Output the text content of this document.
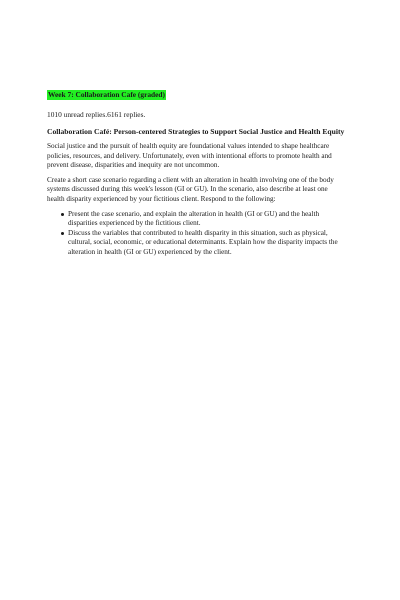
Week 7: Collaboration Cafe (graded)
1010 unread replies.6161 replies.
Collaboration Café: Person-centered Strategies to Support Social Justice and Health Equity
Social justice and the pursuit of health equity are foundational values intended to shape healthcare policies, resources, and delivery. Unfortunately, even with intentional efforts to promote health and prevent disease, disparities and inequity are not uncommon.
Create a short case scenario regarding a client with an alteration in health involving one of the body systems discussed during this week's lesson (GI or GU). In the scenario, also describe at least one health disparity experienced by your fictitious client. Respond to the following:
Present the case scenario, and explain the alteration in health (GI or GU) and the health disparities experienced by the fictitious client.
Discuss the variables that contributed to health disparity in this situation, such as physical, cultural, social, economic, or educational determinants. Explain how the disparity impacts the alteration in health (GI or GU) experienced by the client.
